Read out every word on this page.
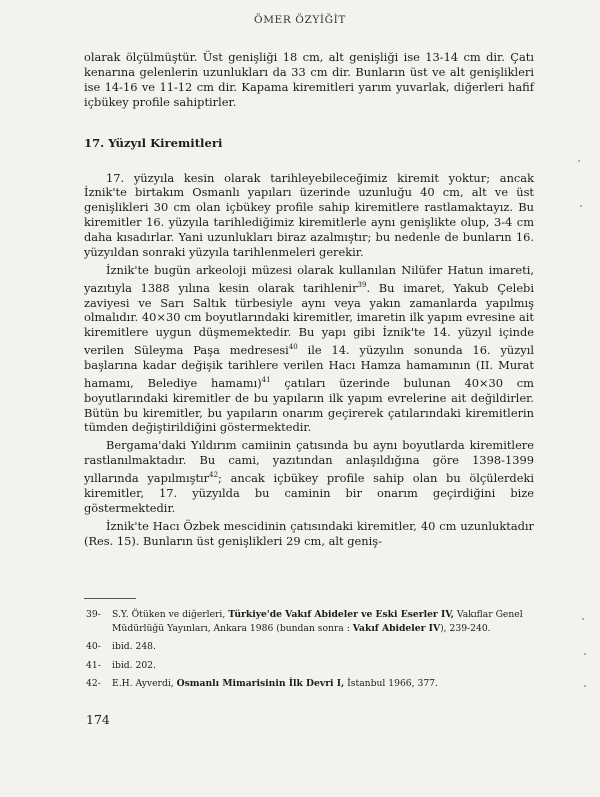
ÖMER ÖZYİĞİT

olarak ölçülmüştür. Üst genişliği 18 cm, alt genişliği ise 13-14 cm dir. Çatı kenarına gelenlerin uzunlukları da 33 cm dir. Bunların üst ve alt genişlikleri ise 14-16 ve 11-12 cm dir. Kapama kiremitleri yarım yuvarlak, diğerleri hafif içbükey profile sahiptirler.

17. Yüzyıl Kiremitleri

17. yüzyıla kesin olarak tarihleyebileceğimiz kiremit yoktur; ancak İznik'te birtakım Osmanlı yapıları üzerinde uzunluğu 40 cm, alt ve üst genişlikleri 30 cm olan içbükey profile sahip kiremitlere rastlamaktayız. Bu kiremitler 16. yüzyıla tarihlediğimiz kiremitlerle aynı genişlikte olup, 3-4 cm daha kısadırlar. Yani uzunlukları biraz azalmıştır; bu nedenle de bunların 16. yüzyıldan sonraki yüzyıla tarihlenmeleri gerekir.

İznik'te bugün arkeoloji müzesi olarak kullanılan Nilüfer Hatun imareti, yazıtıyla 1388 yılına kesin olarak tarihlenir$^{39}$. Bu imaret, Yakub Çelebi zaviyesi ve Sarı Saltık türbesiyle aynı veya yakın zamanlarda yapılmış olmalıdır. 40×30 cm boyutlarındaki kiremitler, imaretin ilk yapım evresine ait kiremitlere uygun düşmemektedir. Bu yapı gibi İznik'te 14. yüzyıl içinde verilen Süleyma Paşa medresesi$^{40}$ ile 14. yüzyılın sonunda 16. yüzyıl başlarına kadar değişik tarihlere verilen Hacı Hamza hamamının (II. Murat hamamı, Belediye hamamı)$^{41}$ çatıları üzerinde bulunan 40×30 cm boyutlarındaki kiremitler de bu yapıların ilk yapım evrelerine ait değildirler. Bütün bu kiremitler, bu yapıların onarım geçirerek çatılarındaki kiremitlerin tümden değiştirildiğini göstermektedir.

Bergama'daki Yıldırım camiinin çatısında bu aynı boyutlarda kiremitlere rastlanılmaktadır. Bu cami, yazıtından anlaşıldığına göre 1398-1399 yıllarında yapılmıştır$^{42}$; ancak içbükey profile sahip olan bu ölçülerdeki kiremitler, 17. yüzyılda bu caminin bir onarım geçirdiğini bize göstermektedir.

İznik'te Hacı Özbek mescidinin çatısındaki kiremitler, 40 cm uzunluktadır (Res. 15). Bunların üst genişlikleri 29 cm, alt geniş-

39-	S.Y. Ötüken ve diğerleri, Türkiye'de Vakıf Abideler ve Eski Eserler IV, Vakıflar Genel Müdürlüğü Yayınları, Ankara 1986 (bundan sonra : Vakıf Abideler IV), 239-240.
40-	ibid. 248.
41-	ibid. 202.
42-	E.H. Ayverdi, Osmanlı Mimarisinin İlk Devri I, İstanbul 1966, 377.
174
